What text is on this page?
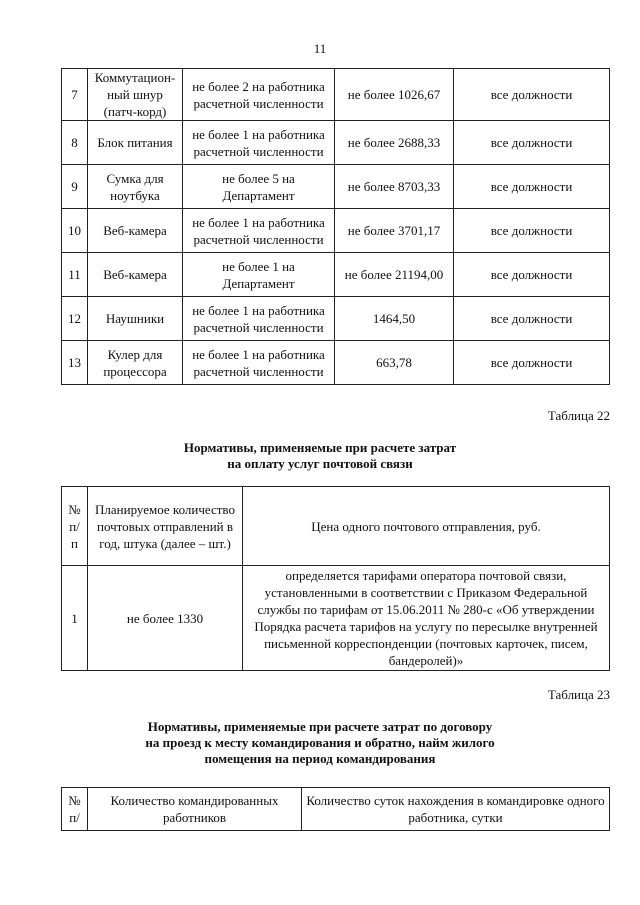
11
7	Коммутацион-ный шнур (патч-корд)	не более 2 на работника расчетной численности	не более 1026,67	все должности
8	Блок питания	не более 1 на работника расчетной численности	не более 2688,33	все должности
9	Сумка для ноутбука	не более 5 на Департамент	не более 8703,33	все должности
10	Веб-камера	не более 1 на работника расчетной численности	не более 3701,17	все должности
11	Веб-камера	не более 1 на Департамент	не более 21194,00	все должности
12	Наушники	не более 1 на работника расчетной численности	1464,50	все должности
13	Кулер для процессора	не более 1 на работника расчетной численности	663,78	все должности
Таблица 22
Нормативы, применяемые при расчете затрат
на оплату услуг почтовой связи
№ п/ п	Планируемое количество почтовых отправлений в год, штука (далее – шт.)	Цена одного почтового отправления, руб.
1	не более 1330	определяется тарифами оператора почтовой связи, установленными в соответствии с Приказом Федеральной службы по тарифам от 15.06.2011 № 280-с «Об утверждении Порядка расчета тарифов на услугу по пересылке внутренней письменной корреспонденции (почтовых карточек, писем, бандеролей)»
Таблица 23
Нормативы, применяемые при расчете затрат по договору
на проезд к месту командирования и обратно, найм жилого
помещения на период командирования
№ п/	Количество командированных работников	Количество суток нахождения в командировке одного работника, сутки
